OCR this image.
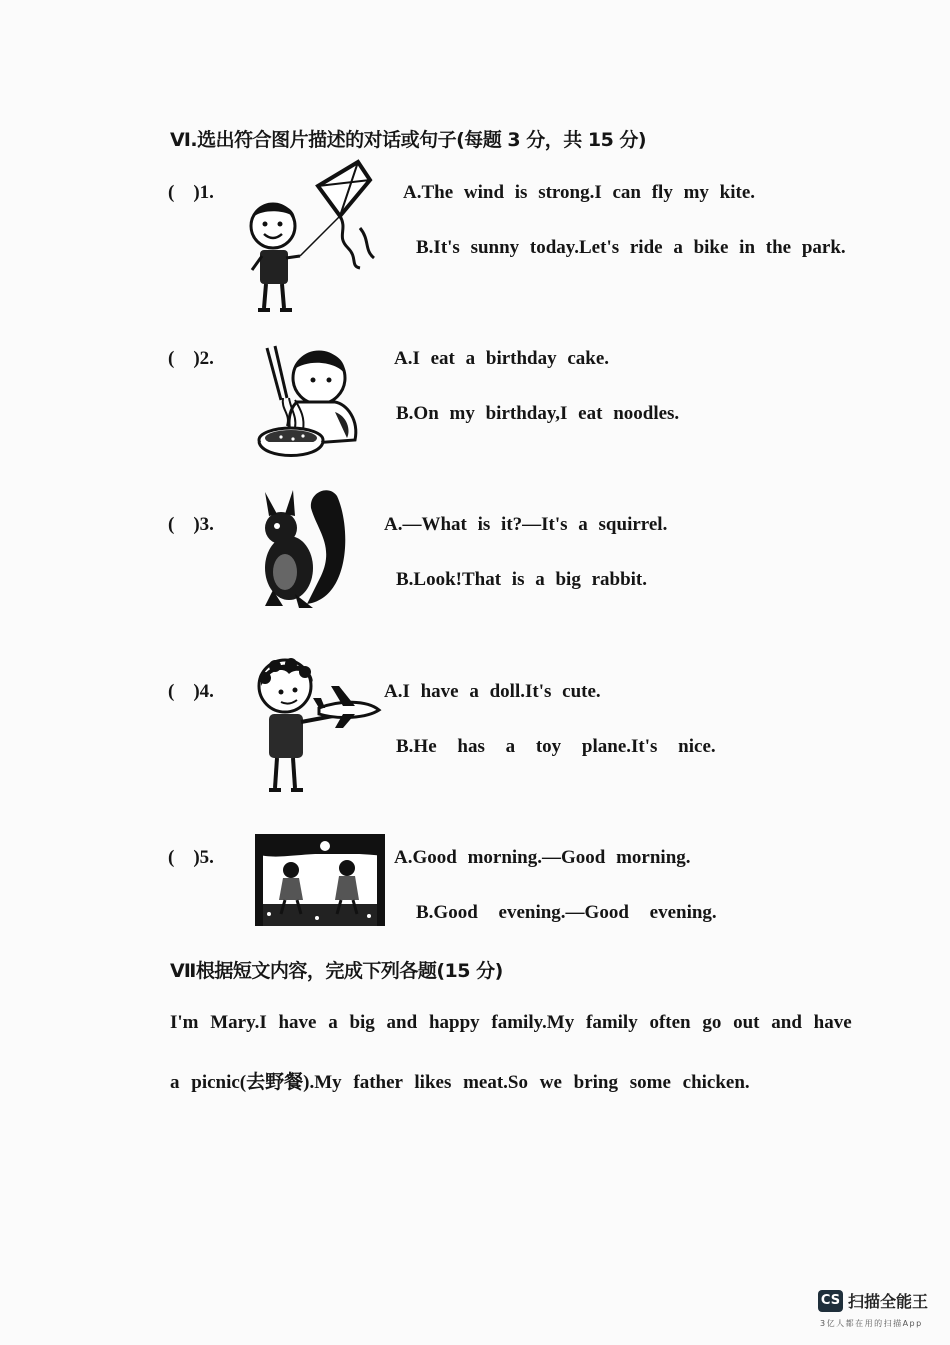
Ⅵ.选出符合图片描述的对话或句子(每题 3 分，共 15 分)
(    )1.	A.The wind is strong.I can fly my kite.
B.It's sunny today.Let's ride a bike in the park.
(    )2.	A.I eat a birthday cake.
B.On my birthday,I eat noodles.
(    )3.	A.—What is it?—It's a squirrel.
B.Look!That is a big rabbit.
(    )4.	A.I have a doll.It's cute.
B.He has a toy plane.It's nice.
(    )5.	A.Good morning.—Good morning.
B.Good evening.—Good evening.
Ⅶ根据短文内容，完成下列各题(15 分)
I'm Mary.I have a big and happy family.My family often go out and have
a picnic(去野餐).My father likes meat.So we bring some chicken.
CS 扫描全能王
3亿人都在用的扫描App
